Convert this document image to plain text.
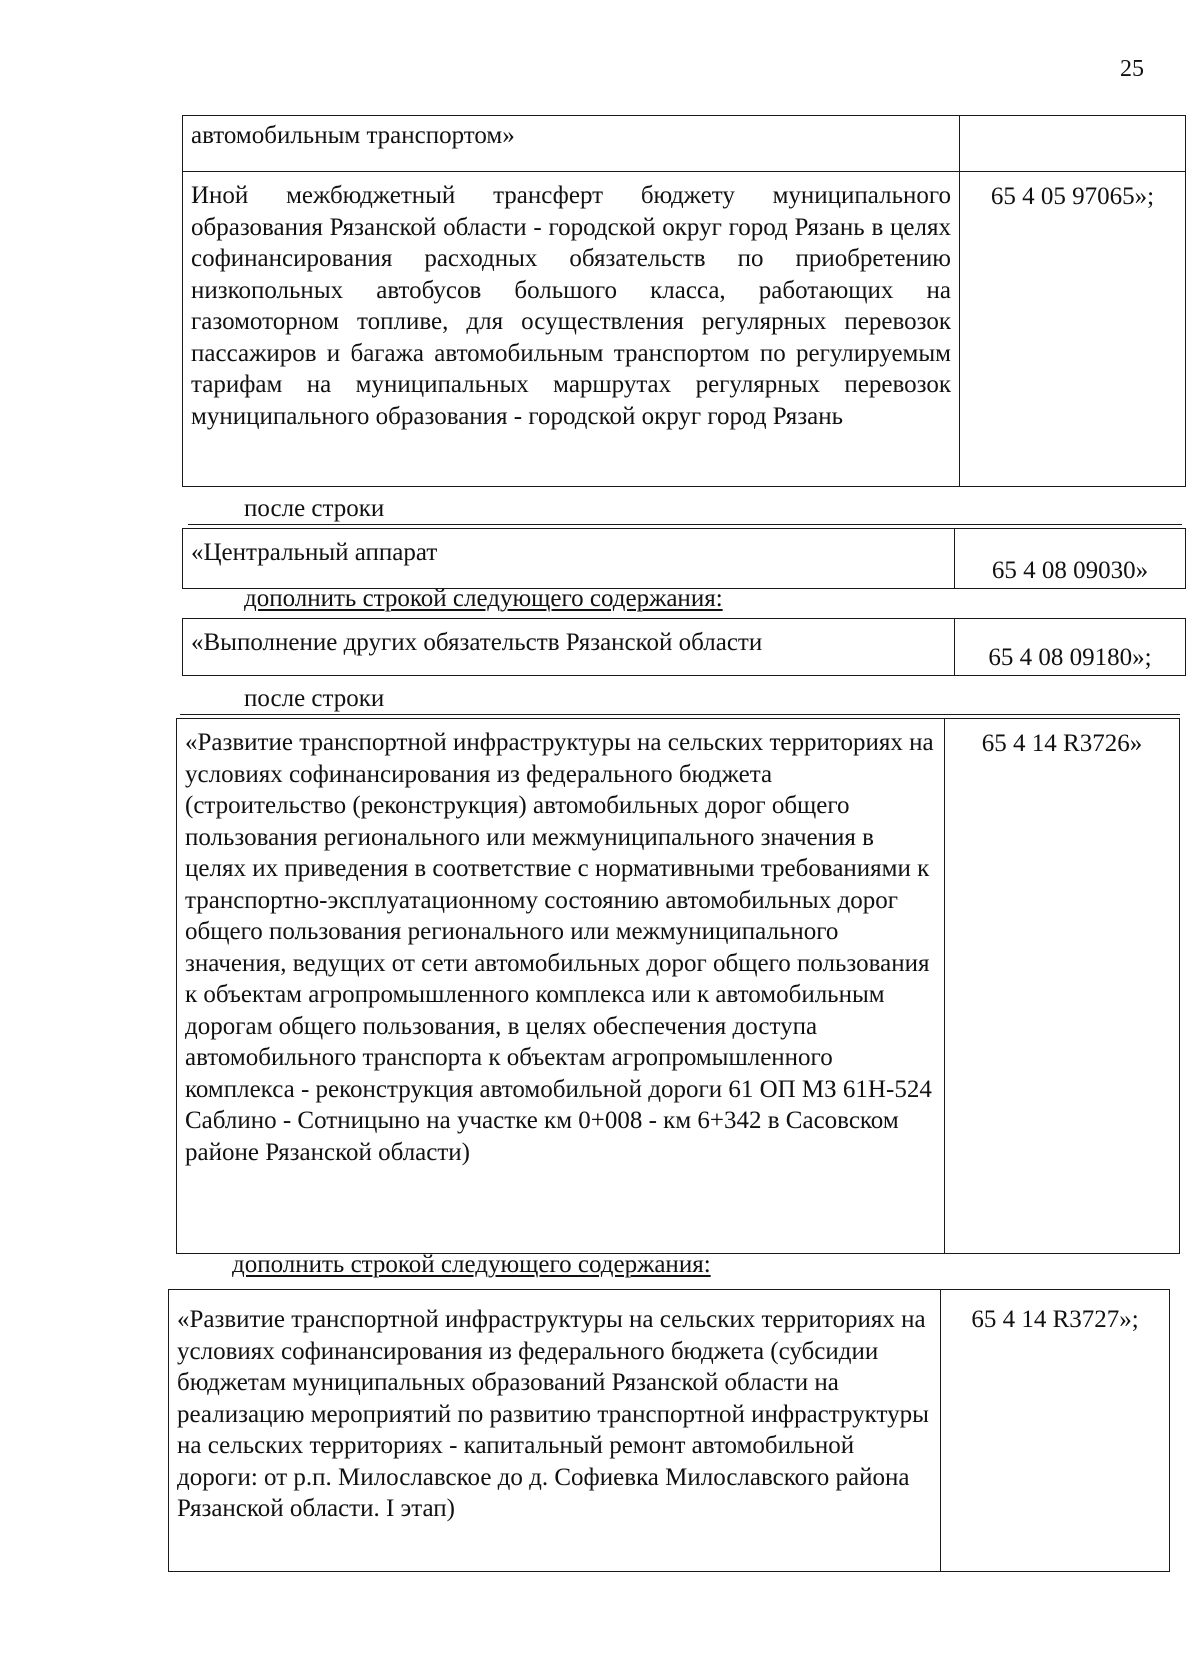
25
автомобильным транспортом»
Иной межбюджетный трансферт бюджету муниципального образования Рязанской области - городской округ город Рязань в целях софинансирования расходных обязательств по приобретению низкопольных автобусов большого класса, работающих на газомоторном топливе, для осуществления регулярных перевозок пассажиров и багажа автомобильным транспортом по регулируемым тарифам на муниципальных маршрутах регулярных перевозок муниципального образования - городской округ город Рязань
65 4 05 97065»;
после строки
«Центральный аппарат
65 4 08 09030»
дополнить строкой следующего содержания:
«Выполнение других обязательств Рязанской области
65 4 08 09180»;
после строки
«Развитие транспортной инфраструктуры на сельских территориях на условиях софинансирования из федерального бюджета (строительство (реконструкция) автомобильных дорог общего пользования регионального или межмуниципального значения в целях их приведения в соответствие с нормативными требованиями к транспортно-эксплуатационному состоянию автомобильных дорог общего пользования регионального или межмуниципального значения, ведущих от сети автомобильных дорог общего пользования к объектам агропромышленного комплекса или к автомобильным дорогам общего пользования, в целях обеспечения доступа автомобильного транспорта к объектам агропромышленного комплекса - реконструкция автомобильной дороги 61 ОП МЗ 61Н-524 Саблино - Сотницыно на участке км 0+008 - км 6+342 в Сасовском районе Рязанской области)
65 4 14 R3726»
дополнить строкой следующего содержания:
«Развитие транспортной инфраструктуры на сельских территориях на условиях софинансирования из федерального бюджета (субсидии бюджетам муниципальных образований Рязанской области на реализацию мероприятий по развитию транспортной инфраструктуры на сельских территориях - капитальный ремонт автомобильной дороги: от р.п. Милославское до д. Софиевка Милославского района Рязанской области. I этап)
65 4 14 R3727»;
